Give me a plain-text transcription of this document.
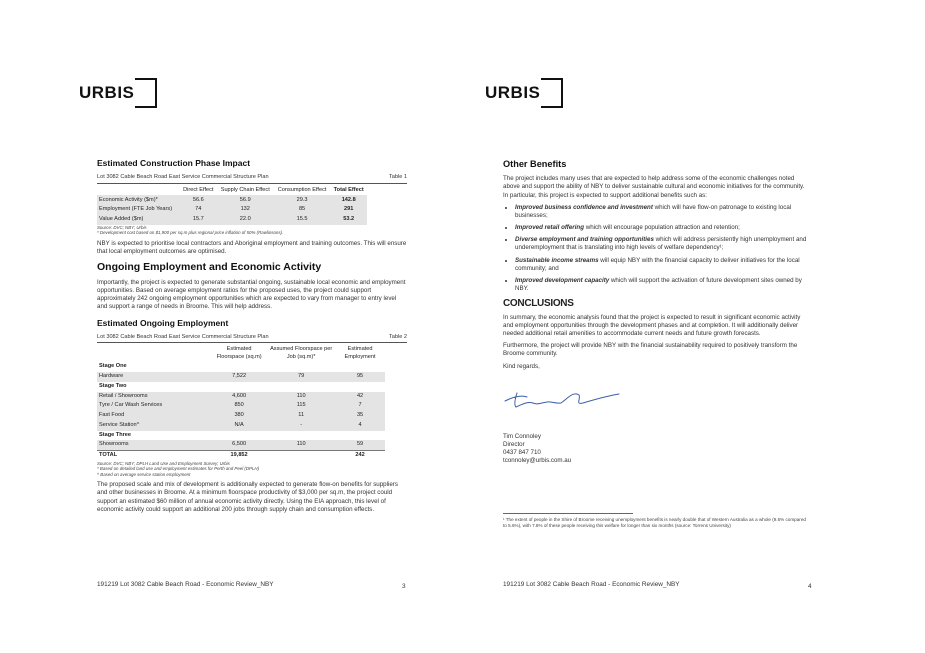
URBIS
Estimated Construction Phase Impact
Lot 3082 Cable Beach Road East Service Commercial Structure Plan	Table 1
	Direct Effect	Supply Chain Effect	Consumption Effect	Total Effect
Economic Activity ($m)*	56.6	56.9	29.3	142.8
Employment (FTE Job Years)	74	132	85	291
Value Added ($m)	15.7	22.0	15.5	53.2
Source: DVC; NBY; Urbis
* Development cost based on $1,900 per sq.m plus regional price inflation of 50% (Rawlinsons).

NBY is expected to prioritise local contractors and Aboriginal employment and training outcomes. This will ensure that local employment outcomes are optimised.

Ongoing Employment and Economic Activity

Importantly, the project is expected to generate substantial ongoing, sustainable local economic and employment opportunities. Based on average employment ratios for the proposed uses, the project could support approximately 242 ongoing employment opportunities which are expected to vary from manager to entry level and support a range of needs in Broome. This will help address.

Estimated Ongoing Employment
Lot 3082 Cable Beach Road East Service Commercial Structure Plan	Table 2
	Estimated Floorspace (sq.m)	Assumed Floorspace per Job (sq.m)*	Estimated Employment
Stage One			
Hardware	7,522	79	95
Stage Two			
Retail / Showrooms	4,600	110	42
Tyre / Car Wash Services	850	115	7
Fast Food	380	11	35
Service Station^	N/A	-	4
Stage Three			
Showrooms	6,500	110	59
TOTAL	19,852		242
Source: DVC; NBY; DPLH Land Use and Employment Survey; Urbis
* Based on detailed land use and employment estimates for Perth and Peel (DPLH)
^ Based on average service station employment

The proposed scale and mix of development is additionally expected to generate flow-on benefits for suppliers and other businesses in Broome. At a minimum floorspace productivity of $3,000 per sq.m, the project could support an estimated $60 million of annual economic activity directly. Using the EIA approach, this level of economic activity could support an additional 200 jobs through supply chain and consumption effects.

191219 Lot 3082 Cable Beach Road - Economic Review_NBY	3
URBIS
Other Benefits

The project includes many uses that are expected to help address some of the economic challenges noted above and support the ability of NBY to deliver sustainable cultural and economic initiatives for the community. In particular, this project is expected to support additional benefits such as:

• Improved business confidence and investment which will have flow-on patronage to existing local businesses;
• Improved retail offering which will encourage population attraction and retention;
• Diverse employment and training opportunities which will address persistently high unemployment and underemployment that is translating into high levels of welfare dependency¹;
• Sustainable income streams will equip NBY with the financial capacity to deliver initiatives for the local community; and
• Improved development capacity which will support the activation of future development sites owned by NBY.
CONCLUSIONS

In summary, the economic analysis found that the project is expected to result in significant economic activity and employment opportunities through the development phases and at completion. It will additionally deliver needed additional retail amenities to accommodate current needs and future growth forecasts.

Furthermore, the project will provide NBY with the financial sustainability required to positively transform the Broome community.

Kind regards,

Tim Connoley

Director

0437 847 710

tconnoley@urbis.com.au

¹ The extent of people in the Shire of Broome receiving unemployment benefits is nearly double that of Western Australia as a whole (9.5% compared to 5.6%), with 7.8% of these people receiving this welfare for longer than six months (source: Torrens University)
191219 Lot 3082 Cable Beach Road - Economic Review_NBY	4
